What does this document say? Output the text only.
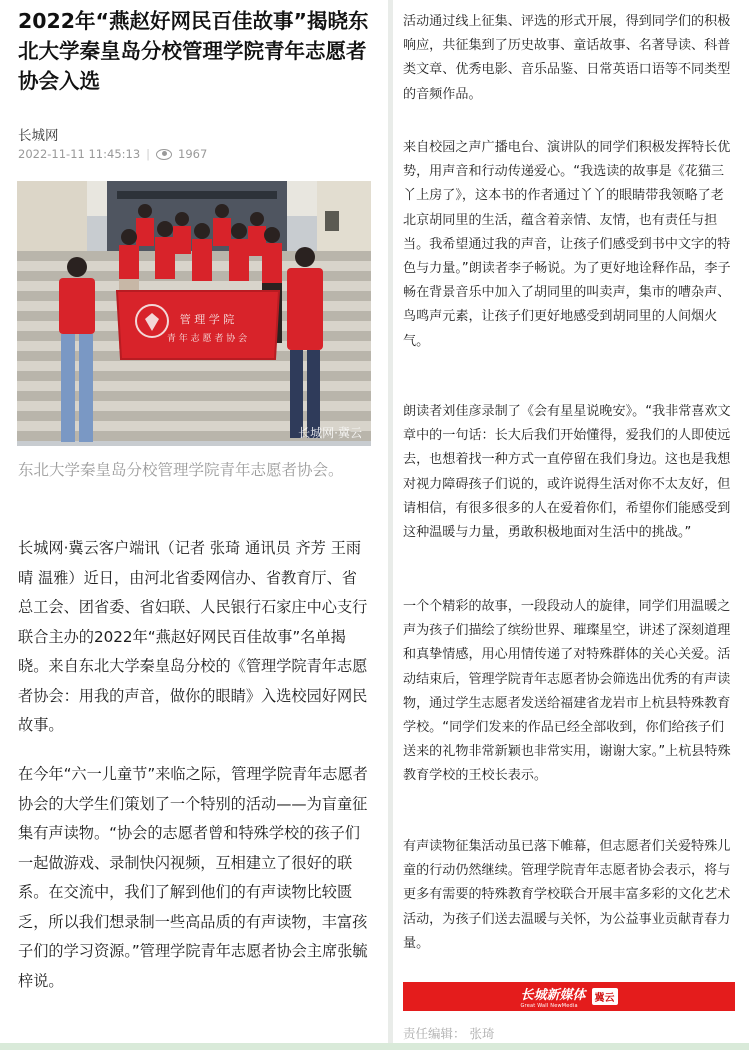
2022年“燕赵好网民百佳故事”揭晓东北大学秦皇岛分校管理学院青年志愿者协会入选
长城网
2022-11-11 11:45:13 | 1967
管 理 学 院
青 年 志 愿 者 协 会
长城网·冀云

东北大学秦皇岛分校管理学院青年志愿者协会。

长城网·冀云客户端讯（记者 张琦 通讯员 齐芳 王雨晴 温雅）近日，由河北省委网信办、省教育厅、省总工会、团省委、省妇联、人民银行石家庄中心支行联合主办的2022年“燕赵好网民百佳故事”名单揭晓。来自东北大学秦皇岛分校的《管理学院青年志愿者协会：用我的声音，做你的眼睛》入选校园好网民故事。

在今年“六一儿童节”来临之际，管理学院青年志愿者协会的大学生们策划了一个特别的活动——为盲童征集有声读物。“协会的志愿者曾和特殊学校的孩子们一起做游戏、录制快闪视频，互相建立了很好的联系。在交流中，我们了解到他们的有声读物比较匮乏，所以我们想录制一些高品质的有声读物，丰富孩子们的学习资源。”管理学院青年志愿者协会主席张毓梓说。

活动通过线上征集、评选的形式开展，得到同学们的积极响应，共征集到了历史故事、童话故事、名著导读、科普类文章、优秀电影、音乐品鉴、日常英语口语等不同类型的音频作品。

来自校园之声广播电台、演讲队的同学们积极发挥特长优势，用声音和行动传递爱心。“我选读的故事是《花猫三丫上房了》，这本书的作者通过丫丫的眼睛带我领略了老北京胡同里的生活，蕴含着亲情、友情，也有责任与担当。我希望通过我的声音，让孩子们感受到书中文字的特色与力量。”朗读者李子畅说。为了更好地诠释作品，李子畅在背景音乐中加入了胡同里的叫卖声，集市的嘈杂声、鸟鸣声元素，让孩子们更好地感受到胡同里的人间烟火气。

朗读者刘佳彦录制了《会有星星说晚安》。“我非常喜欢文章中的一句话：长大后我们开始懂得，爱我们的人即使远去，也想着找一种方式一直停留在我们身边。这也是我想对视力障碍孩子们说的，或许说得生活对你不太友好，但请相信，有很多很多的人在爱着你们，希望你们能感受到这种温暖与力量，勇敢积极地面对生活中的挑战。”

一个个精彩的故事，一段段动人的旋律，同学们用温暖之声为孩子们描绘了缤纷世界、璀璨星空，讲述了深刻道理和真挚情感，用心用情传递了对特殊群体的关心关爱。活动结束后，管理学院青年志愿者协会筛选出优秀的有声读物，通过学生志愿者发送给福建省龙岩市上杭县特殊教育学校。“同学们发来的作品已经全部收到，你们给孩子们送来的礼物非常新颖也非常实用，谢谢大家。”上杭县特殊教育学校的王校长表示。

有声读物征集活动虽已落下帷幕，但志愿者们关爱特殊儿童的行动仍然继续。管理学院青年志愿者协会表示，将与更多有需要的特殊教育学校联合开展丰富多彩的文化艺术活动，为孩子们送去温暖与关怀，为公益事业贡献青春力量。

长城新媒体
Great Wall NewMedia
冀云
责任编辑： 张琦
